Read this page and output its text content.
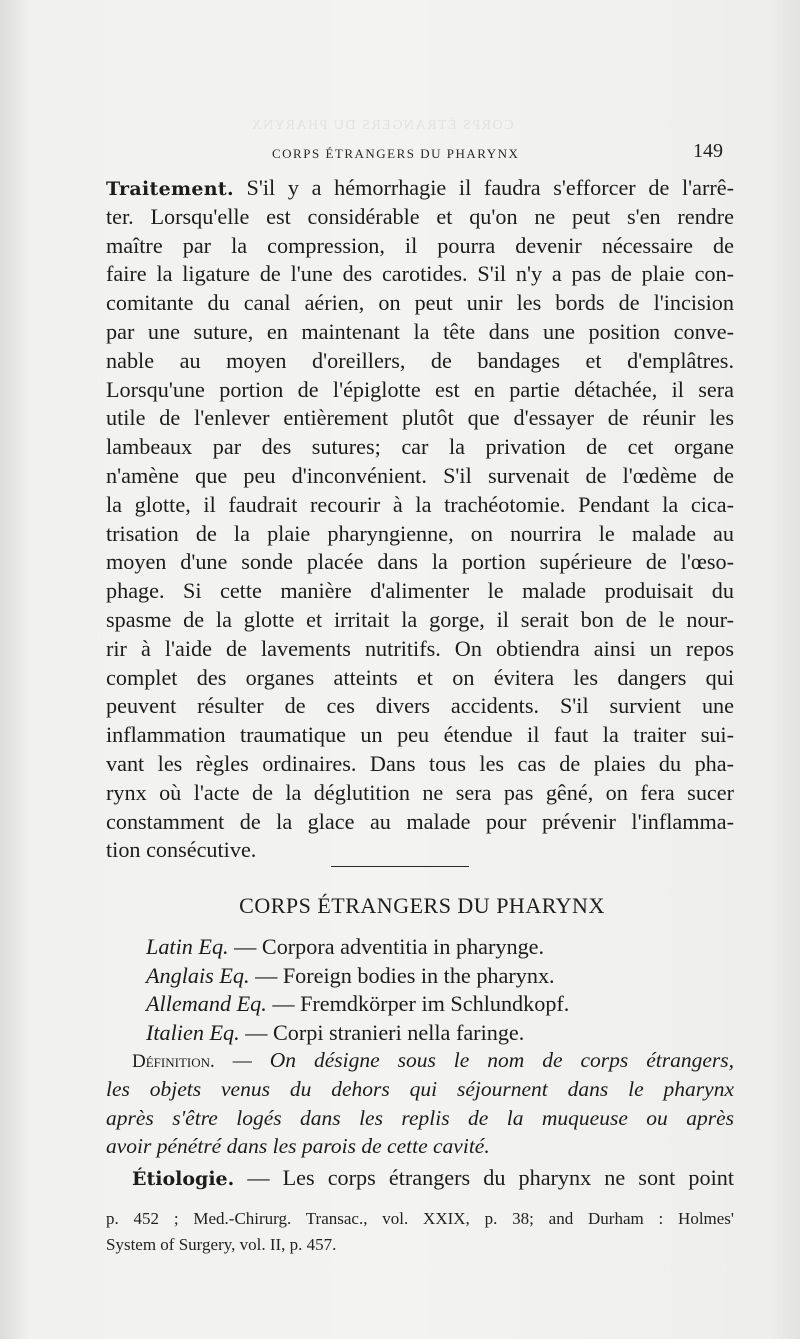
CORPS ÉTRANGERS DU PHARYNX
CORPS ÉTRANGERS DU PHARYNX	149
Traitement. S'il y a hémorrhagie il faudra s'efforcer de l'arrê-
ter. Lorsqu'elle est considérable et qu'on ne peut s'en rendre
maître par la compression, il pourra devenir nécessaire de
faire la ligature de l'une des carotides. S'il n'y a pas de plaie con-
comitante du canal aérien, on peut unir les bords de l'incision
par une suture, en maintenant la tête dans une position conve-
nable au moyen d'oreillers, de bandages et d'emplâtres.
Lorsqu'une portion de l'épiglotte est en partie détachée, il sera
utile de l'enlever entièrement plutôt que d'essayer de réunir les
lambeaux par des sutures; car la privation de cet organe
n'amène que peu d'inconvénient. S'il survenait de l'œdème de
la glotte, il faudrait recourir à la trachéotomie. Pendant la cica-
trisation de la plaie pharyngienne, on nourrira le malade au
moyen d'une sonde placée dans la portion supérieure de l'œso-
phage. Si cette manière d'alimenter le malade produisait du
spasme de la glotte et irritait la gorge, il serait bon de le nour-
rir à l'aide de lavements nutritifs. On obtiendra ainsi un repos
complet des organes atteints et on évitera les dangers qui
peuvent résulter de ces divers accidents. S'il survient une
inflammation traumatique un peu étendue il faut la traiter sui-
vant les règles ordinaires. Dans tous les cas de plaies du pha-
rynx où l'acte de la déglutition ne sera pas gêné, on fera sucer
constamment de la glace au malade pour prévenir l'inflamma-
tion consécutive.
CORPS ÉTRANGERS DU PHARYNX
Latin Eq. — Corpora adventitia in pharynge.
Anglais Eq. — Foreign bodies in the pharynx.
Allemand Eq. — Fremdkörper im Schlundkopf.
Italien Eq. — Corpi stranieri nella faringe.
Définition. — On désigne sous le nom de corps étrangers,
les objets venus du dehors qui séjournent dans le pharynx
après s'être logés dans les replis de la muqueuse ou après
avoir pénétré dans les parois de cette cavité.
Étiologie. — Les corps étrangers du pharynx ne sont point
p. 452 ; Med.-Chirurg. Transac., vol. XXIX, p. 38; and Durham : Holmes'
System of Surgery, vol. II, p. 457.
